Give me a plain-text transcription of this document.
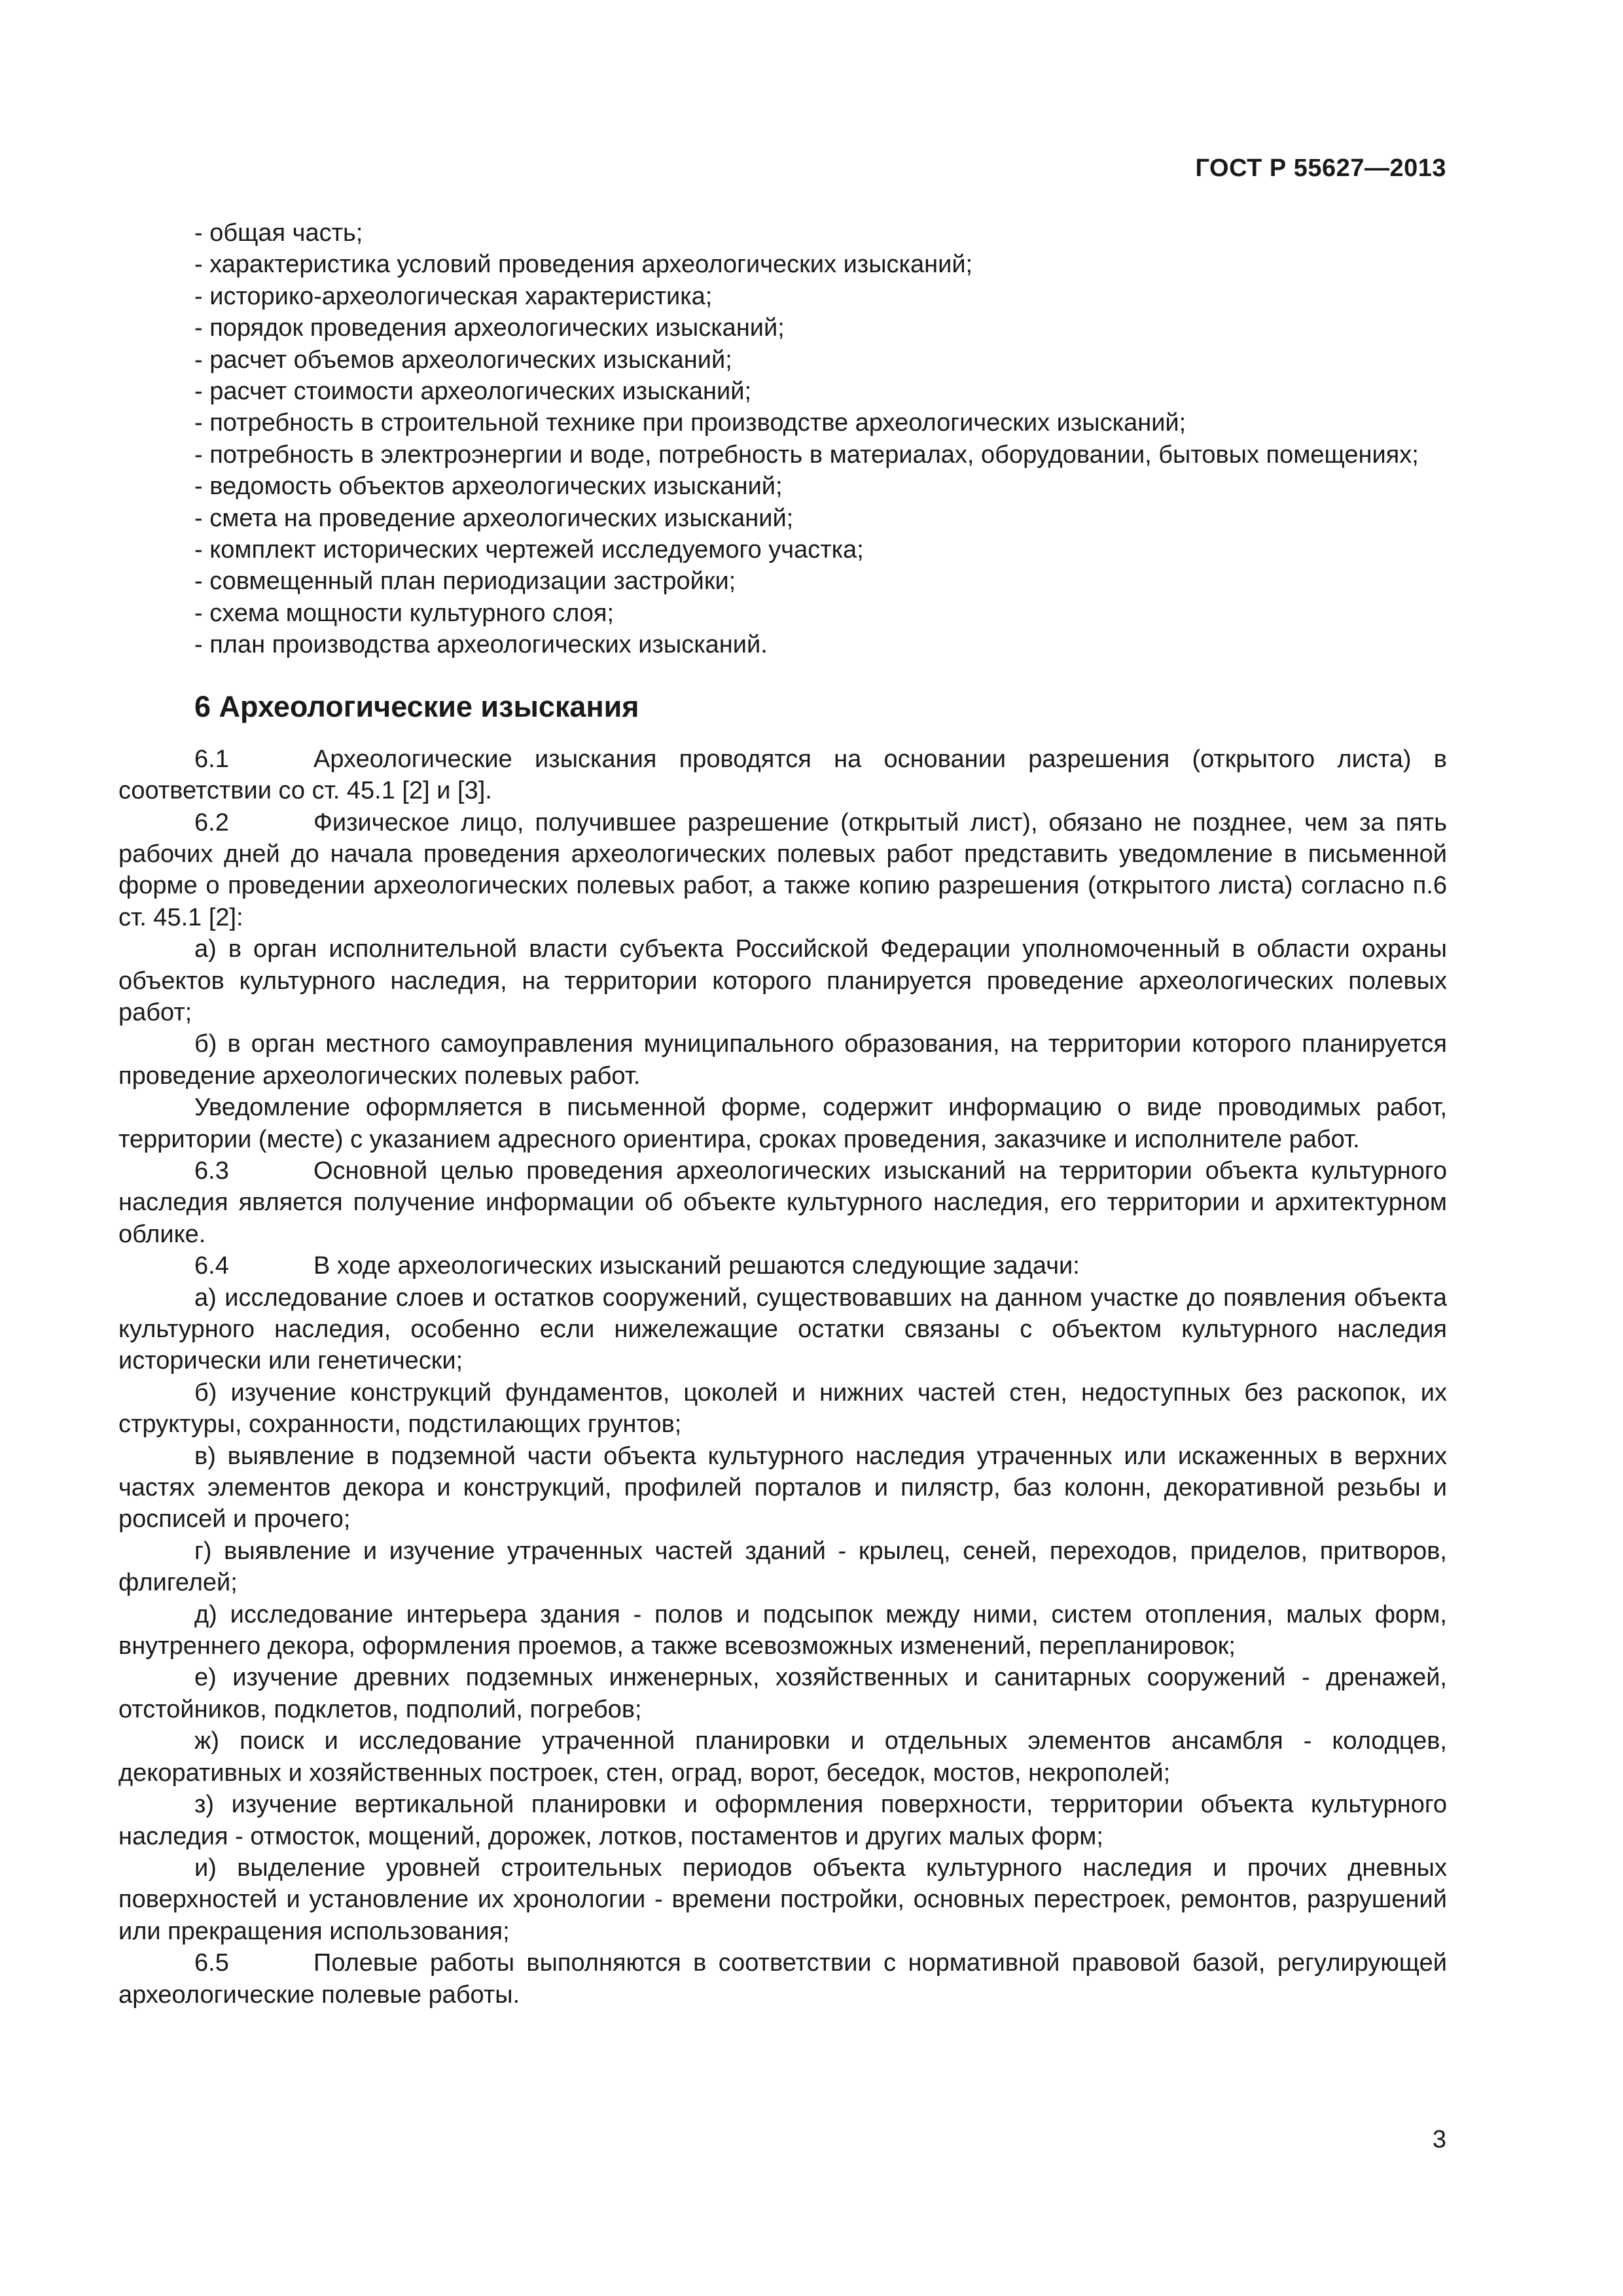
ГОСТ Р 55627—2013
- общая часть;
- характеристика условий проведения археологических изысканий;
- историко-археологическая характеристика;
- порядок проведения археологических изысканий;
- расчет объемов археологических изысканий;
- расчет стоимости археологических изысканий;
- потребность в строительной технике при производстве археологических изысканий;
- потребность в электроэнергии и воде, потребность в материалах, оборудовании, бытовых помещениях;
- ведомость объектов археологических изысканий;
- смета на проведение археологических изысканий;
- комплект исторических чертежей исследуемого участка;
- совмещенный план периодизации застройки;
- схема мощности культурного слоя;
- план производства археологических изысканий.
6 Археологические изыскания
6.1	Археологические изыскания проводятся на основании разрешения (открытого листа) в соответствии со ст. 45.1 [2] и [3].
6.2	Физическое лицо, получившее разрешение (открытый лист), обязано не позднее, чем за пять рабочих дней до начала проведения археологических полевых работ представить уведомление в письменной форме о проведении археологических полевых работ, а также копию разрешения (открытого листа) согласно п.6 ст. 45.1 [2]:
а) в орган исполнительной власти субъекта Российской Федерации уполномоченный в области охраны объектов культурного наследия, на территории которого планируется проведение археологических полевых работ;
б) в орган местного самоуправления муниципального образования, на территории которого планируется проведение археологических полевых работ.
Уведомление оформляется в письменной форме, содержит информацию о виде проводимых работ, территории (месте) с указанием адресного ориентира, сроках проведения, заказчике и исполнителе работ.
6.3	Основной целью проведения археологических изысканий на территории объекта культурного наследия является получение информации об объекте культурного наследия, его территории и архитектурном облике.
6.4	В ходе археологических изысканий решаются следующие задачи:
а) исследование слоев и остатков сооружений, существовавших на данном участке до появления объекта культурного наследия, особенно если нижележащие остатки связаны с объектом культурного наследия исторически или генетически;
б) изучение конструкций фундаментов, цоколей и нижних частей стен, недоступных без раскопок, их структуры, сохранности, подстилающих грунтов;
в) выявление в подземной части объекта культурного наследия утраченных или искаженных в верхних частях элементов декора и конструкций, профилей порталов и пилястр, баз колонн, декоративной резьбы и росписей и прочего;
г) выявление и изучение утраченных частей зданий - крылец, сеней, переходов, приделов, притворов, флигелей;
д) исследование интерьера здания - полов и подсыпок между ними, систем отопления, малых форм, внутреннего декора, оформления проемов, а также всевозможных изменений, перепланировок;
е) изучение древних подземных инженерных, хозяйственных и санитарных сооружений - дренажей, отстойников, подклетов, подполий, погребов;
ж) поиск и исследование утраченной планировки и отдельных элементов ансамбля - колодцев, декоративных и хозяйственных построек, стен, оград, ворот, беседок, мостов, некрополей;
з) изучение вертикальной планировки и оформления поверхности, территории объекта культурного наследия - отмосток, мощений, дорожек, лотков, постаментов и других малых форм;
и) выделение уровней строительных периодов объекта культурного наследия и прочих дневных поверхностей и установление их хронологии - времени постройки, основных перестроек, ремонтов, разрушений или прекращения использования;
6.5	Полевые работы выполняются в соответствии с нормативной правовой базой, регулирующей археологические полевые работы.
3
